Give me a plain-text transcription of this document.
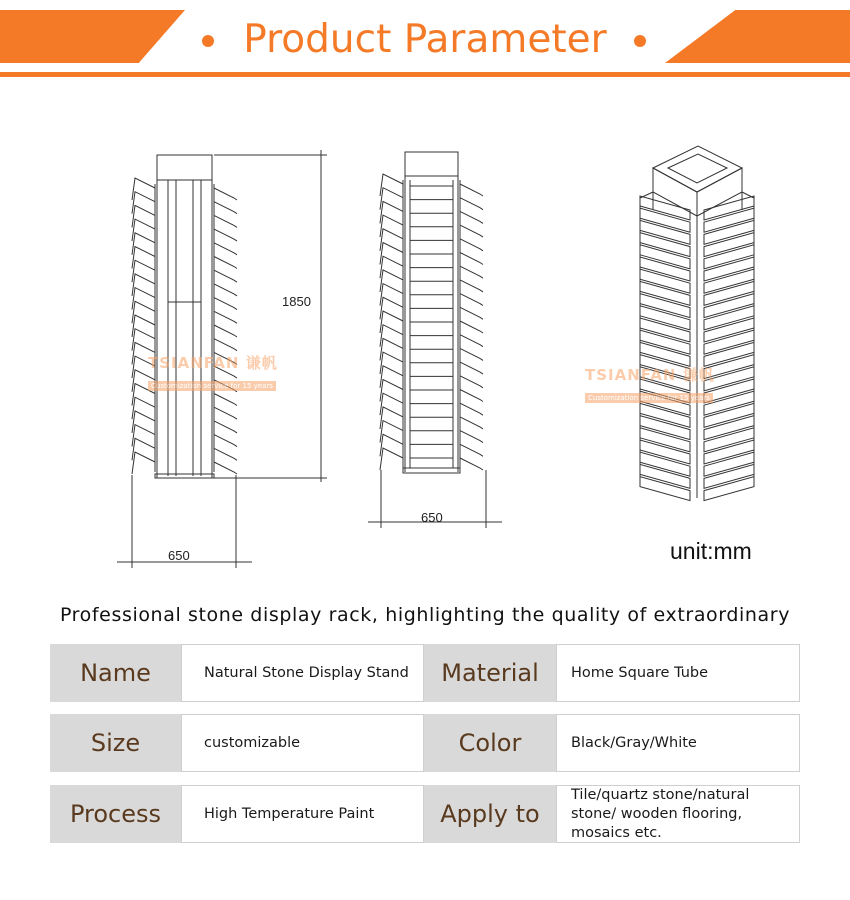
Product Parameter
1850
650
650
TSIANFAN 谦帆
Customization service for 15 years
TSIANFAN 谦帆
Customization service for 15 years
unit:mm
Professional stone display rack, highlighting the quality of extraordinary
Name	Natural Stone Display Stand	Material	Home Square Tube
Size	customizable	Color	Black/Gray/White
Process	High Temperature Paint	Apply to
Tile/quartz stone/natural stone/ wooden flooring, mosaics etc.
